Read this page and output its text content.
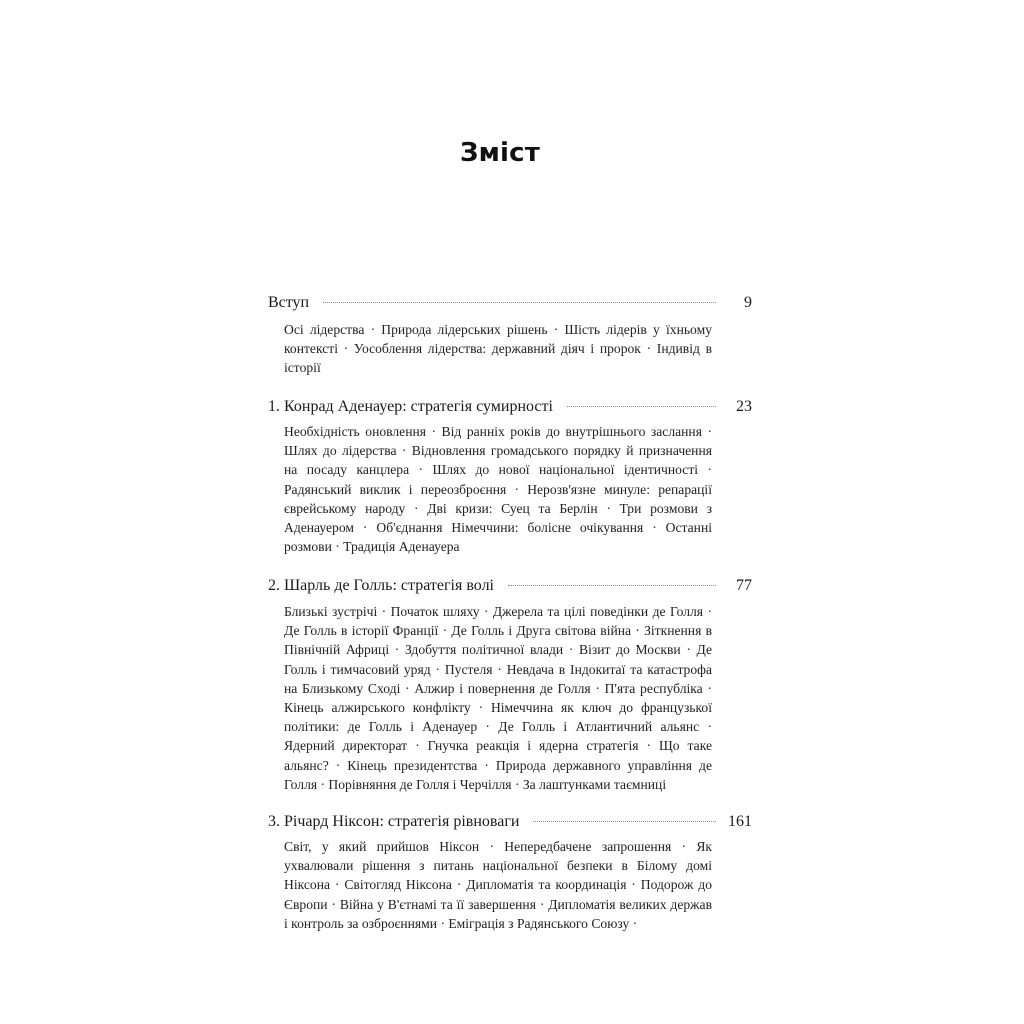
Зміст
Вступ	9
Осі лідерства · Природа лідерських рішень · Шість лідерів у їхньому контексті · Уособлення лідерства: державний діяч і пророк · Індивід в історії
1. Конрад Аденауер: стратегія сумирності	23
Необхідність оновлення · Від ранніх років до внутрішнього заслання · Шлях до лідерства · Відновлення громадського порядку й призначення на посаду канцлера · Шлях до нової національної ідентичності · Радянський виклик і переозброєння · Нерозв'язне минуле: репарації єврейському народу · Дві кризи: Суец та Берлін · Три розмови з Аденауером · Об'єднання Німеччини: болісне очікування · Останні розмови · Традиція Аденауера
2. Шарль де Голль: стратегія волі	77
Близькі зустрічі · Початок шляху · Джерела та цілі поведінки де Голля · Де Голль в історії Франції · Де Голль і Друга світова війна · Зіткнення в Північній Африці · Здобуття політичної влади · Візит до Москви · Де Голль і тимчасовий уряд · Пустеля · Невдача в Індокитаї та катастрофа на Близькому Сході · Алжир і повернення де Голля · П'ята республіка · Кінець алжирського конфлікту · Німеччина як ключ до французької політики: де Голль і Аденауер · Де Голль і Атлантичний альянс · Ядерний директорат · Гнучка реакція і ядерна стратегія · Що таке альянс? · Кінець президентства · Природа державного управління де Голля · Порівняння де Голля і Черчілля · За лаштунками таємниці
3. Річард Ніксон: стратегія рівноваги	161
Світ, у який прийшов Ніксон · Непередбачене запрошення · Як ухвалювали рішення з питань національної безпеки в Білому домі Ніксона · Світогляд Ніксона · Дипломатія та координація · Подорож до Європи · Війна у В'єтнамі та її завершення · Дипломатія великих держав і контроль за озброєннями · Еміграція з Радянського Союзу ·
